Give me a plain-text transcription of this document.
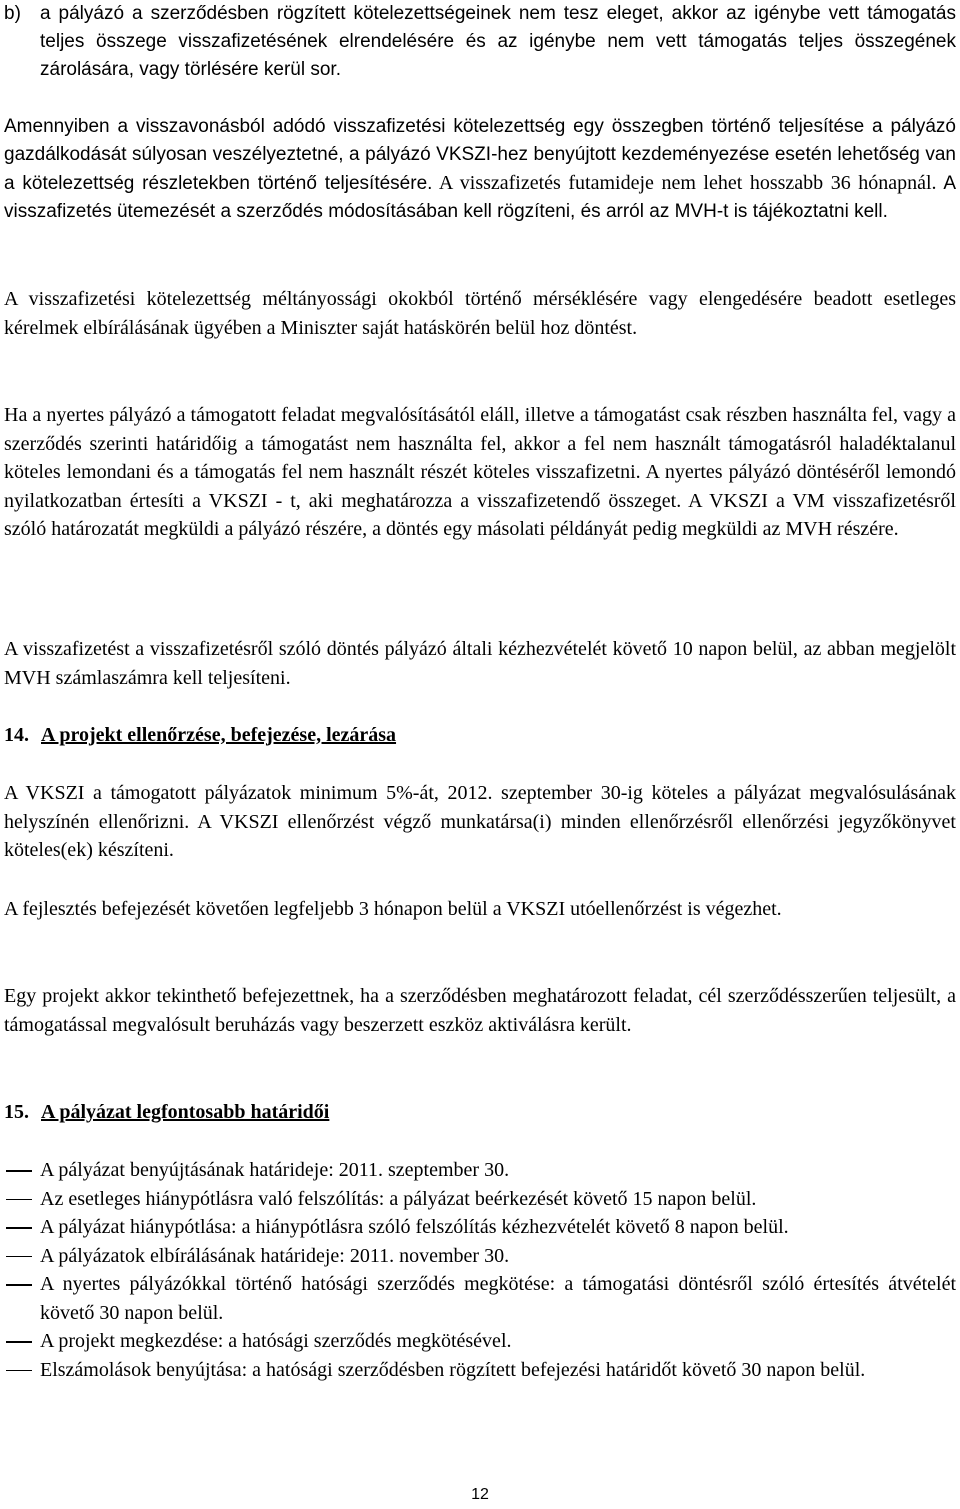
b)	a pályázó a szerződésben rögzített kötelezettségeinek nem tesz eleget, akkor az igénybe vett támogatás teljes összege visszafizetésének elrendelésére és az igénybe nem vett támogatás teljes összegének zárolására, vagy törlésére kerül sor.

Amennyiben a visszavonásból adódó visszafizetési kötelezettség egy összegben történő teljesítése a pályázó gazdálkodását súlyosan veszélyeztetné, a pályázó VKSZI-hez benyújtott kezdeményezése esetén lehetőség van a kötelezettség részletekben történő teljesítésére. A visszafizetés futamideje nem lehet hosszabb 36 hónapnál. A visszafizetés ütemezését a szerződés módosításában kell rögzíteni, és arról az MVH-t is tájékoztatni kell.

A visszafizetési kötelezettség méltányossági okokból történő mérséklésére vagy elengedésére beadott esetleges kérelmek elbírálásának ügyében a Miniszter saját hatáskörén belül hoz döntést.

Ha a nyertes pályázó a támogatott feladat megvalósításától eláll, illetve a támogatást csak részben használta fel, vagy a szerződés szerinti határidőig a támogatást nem használta fel, akkor a fel nem használt támogatásról haladéktalanul köteles lemondani és a támogatás fel nem használt részét köteles visszafizetni. A nyertes pályázó döntéséről lemondó nyilatkozatban értesíti a VKSZI - t, aki meghatározza a visszafizetendő összeget. A VKSZI a VM visszafizetésről szóló határozatát megküldi a pályázó részére, a döntés egy másolati példányát pedig megküldi az MVH részére.

A visszafizetést a visszafizetésről szóló döntés pályázó általi kézhezvételét követő 10 napon belül, az abban megjelölt MVH számlaszámra kell teljesíteni.

14. A projekt ellenőrzése, befejezése, lezárása

A VKSZI a támogatott pályázatok minimum 5%-át, 2012. szeptember 30-ig köteles a pályázat megvalósulásának helyszínén ellenőrizni. A VKSZI ellenőrzést végző munkatársa(i) minden ellenőrzésről ellenőrzési jegyzőkönyvet köteles(ek) készíteni.

A fejlesztés befejezését követően legfeljebb 3 hónapon belül a VKSZI utóellenőrzést is végezhet.

Egy projekt akkor tekinthető befejezettnek, ha a szerződésben meghatározott feladat, cél szerződésszerűen teljesült, a támogatással megvalósult beruházás vagy beszerzett eszköz aktiválásra került.

15. A pályázat legfontosabb határidői
A pályázat benyújtásának határideje: 2011. szeptember 30.
Az esetleges hiánypótlásra való felszólítás: a pályázat beérkezését követő 15 napon belül.
A pályázat hiánypótlása: a hiánypótlásra szóló felszólítás kézhezvételét követő 8 napon belül.
A pályázatok elbírálásának határideje: 2011. november 30.
A nyertes pályázókkal történő hatósági szerződés megkötése: a támogatási döntésről szóló értesítés átvételét követő 30 napon belül.
A projekt megkezdése: a hatósági szerződés megkötésével.
Elszámolások benyújtása: a hatósági szerződésben rögzített befejezési határidőt követő 30 napon belül.
12
